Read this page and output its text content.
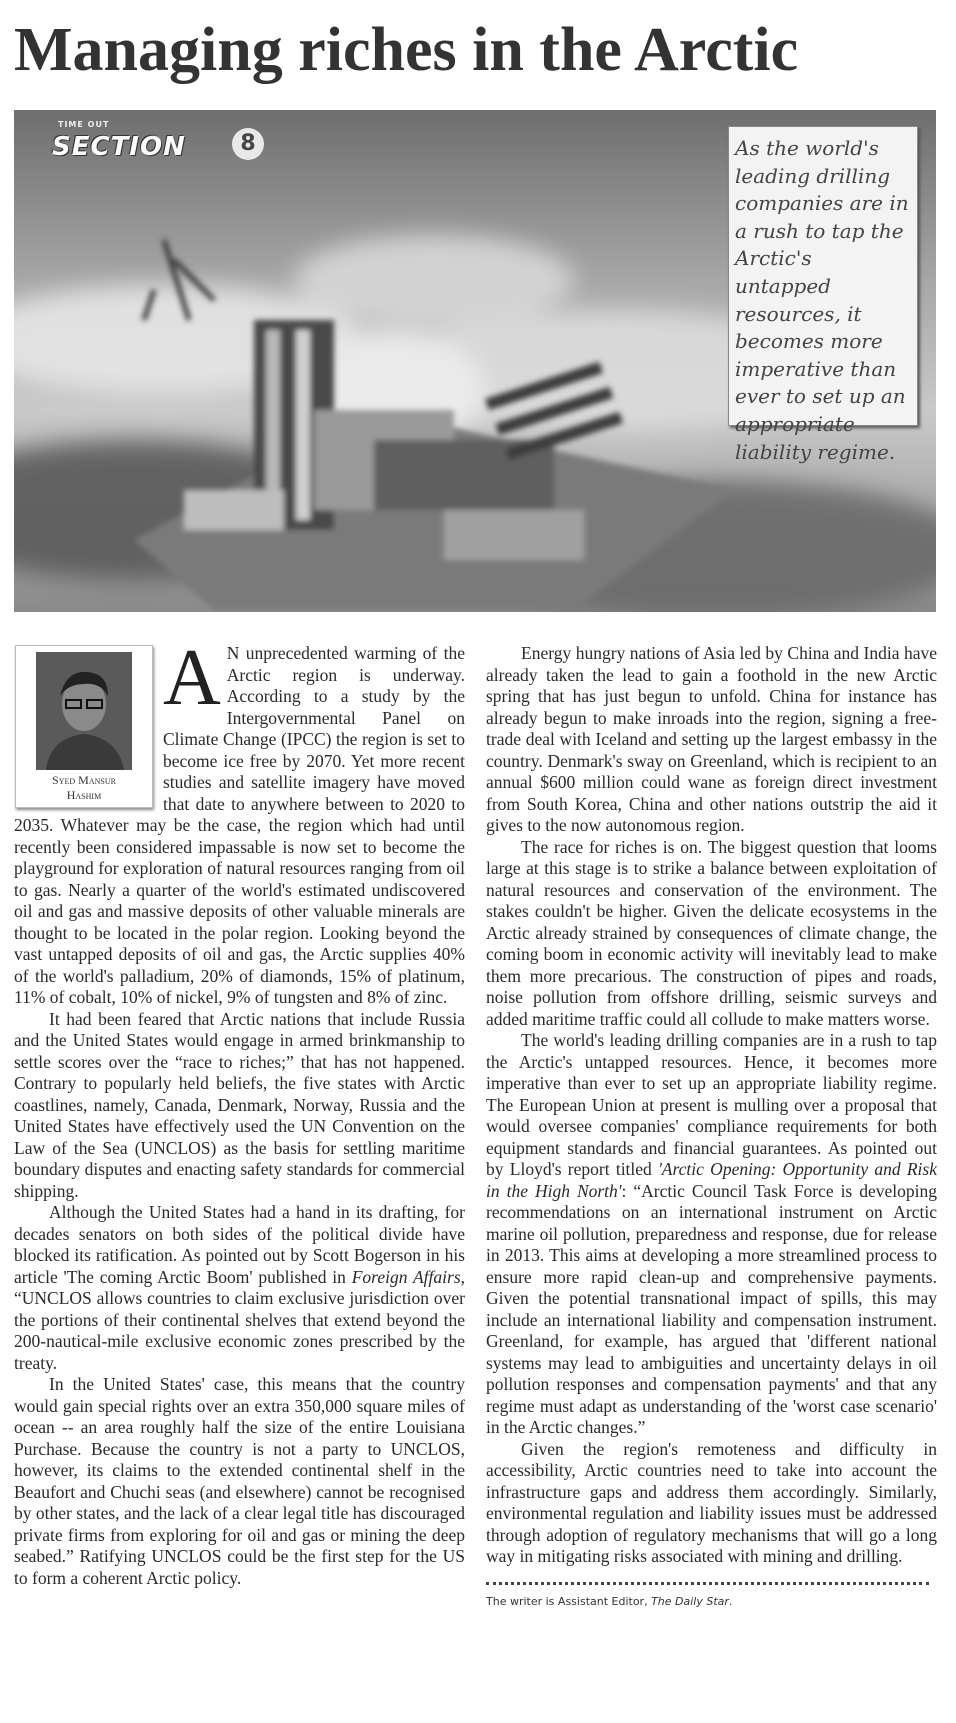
Managing riches in the Arctic
TIME OUT
SECTION	8	As the world's leading drilling companies are in a rush to tap the Arctic's untapped resources, it becomes more imperative than ever to set up an appropriate liability regime.

Syed Mansur
Hashim

A N unprecedented warming of the Arctic region is underway. According to a study by the Intergovernmental Panel on Climate Change (IPCC) the region is set to become ice free by 2070. Yet more recent studies and satellite imagery have moved that date to anywhere between to 2020 to 2035. Whatever may be the case, the region which had until recently been considered impassable is now set to become the playground for exploration of natural resources ranging from oil to gas. Nearly a quarter of the world's estimated undiscovered oil and gas and massive deposits of other valuable minerals are thought to be located in the polar region. Looking beyond the vast untapped deposits of oil and gas, the Arctic supplies 40% of the world's palladium, 20% of diamonds, 15% of platinum, 11% of cobalt, 10% of nickel, 9% of tungsten and 8% of zinc.

It had been feared that Arctic nations that include Russia and the United States would engage in armed brinkmanship to settle scores over the “race to riches;” that has not happened. Contrary to popularly held beliefs, the five states with Arctic coastlines, namely, Canada, Denmark, Norway, Russia and the United States have effectively used the UN Convention on the Law of the Sea (UNCLOS) as the basis for settling maritime boundary disputes and enacting safety standards for commercial shipping.

Although the United States had a hand in its drafting, for decades senators on both sides of the political divide have blocked its ratification. As pointed out by Scott Bogerson in his article 'The coming Arctic Boom' published in Foreign Affairs, “UNCLOS allows countries to claim exclusive jurisdiction over the portions of their continental shelves that extend beyond the 200-nautical-mile exclusive economic zones prescribed by the treaty.

In the United States' case, this means that the country would gain special rights over an extra 350,000 square miles of ocean -- an area roughly half the size of the entire Louisiana Purchase. Because the country is not a party to UNCLOS, however, its claims to the extended continental shelf in the Beaufort and Chuchi seas (and elsewhere) cannot be recognised by other states, and the lack of a clear legal title has discouraged private firms from exploring for oil and gas or mining the deep seabed.” Ratifying UNCLOS could be the first step for the US to form a coherent Arctic policy.

Energy hungry nations of Asia led by China and India have already taken the lead to gain a foothold in the new Arctic spring that has just begun to unfold. China for instance has already begun to make inroads into the region, signing a free-trade deal with Iceland and setting up the largest embassy in the country. Denmark's sway on Greenland, which is recipient to an annual $600 million could wane as foreign direct investment from South Korea, China and other nations outstrip the aid it gives to the now autonomous region.

The race for riches is on. The biggest question that looms large at this stage is to strike a balance between exploitation of natural resources and conservation of the environment. The stakes couldn't be higher. Given the delicate ecosystems in the Arctic already strained by consequences of climate change, the coming boom in economic activity will inevitably lead to make them more precarious. The construction of pipes and roads, noise pollution from offshore drilling, seismic surveys and added maritime traffic could all collude to make matters worse.

The world's leading drilling companies are in a rush to tap the Arctic's untapped resources. Hence, it becomes more imperative than ever to set up an appropriate liability regime. The European Union at present is mulling over a proposal that would oversee companies' compliance requirements for both equipment standards and financial guarantees. As pointed out by Lloyd's report titled 'Arctic Opening: Opportunity and Risk in the High North': “Arctic Council Task Force is developing recommendations on an international instrument on Arctic marine oil pollution, preparedness and response, due for release in 2013. This aims at developing a more streamlined process to ensure more rapid clean-up and comprehensive payments. Given the potential transnational impact of spills, this may include an international liability and compensation instrument. Greenland, for example, has argued that 'different national systems may lead to ambiguities and uncertainty delays in oil pollution responses and compensation payments' and that any regime must adapt as understanding of the 'worst case scenario' in the Arctic changes.”

Given the region's remoteness and difficulty in accessibility, Arctic countries need to take into account the infrastructure gaps and address them accordingly. Similarly, environmental regulation and liability issues must be addressed through adoption of regulatory mechanisms that will go a long way in mitigating risks associated with mining and drilling.

The writer is Assistant Editor, The Daily Star.
